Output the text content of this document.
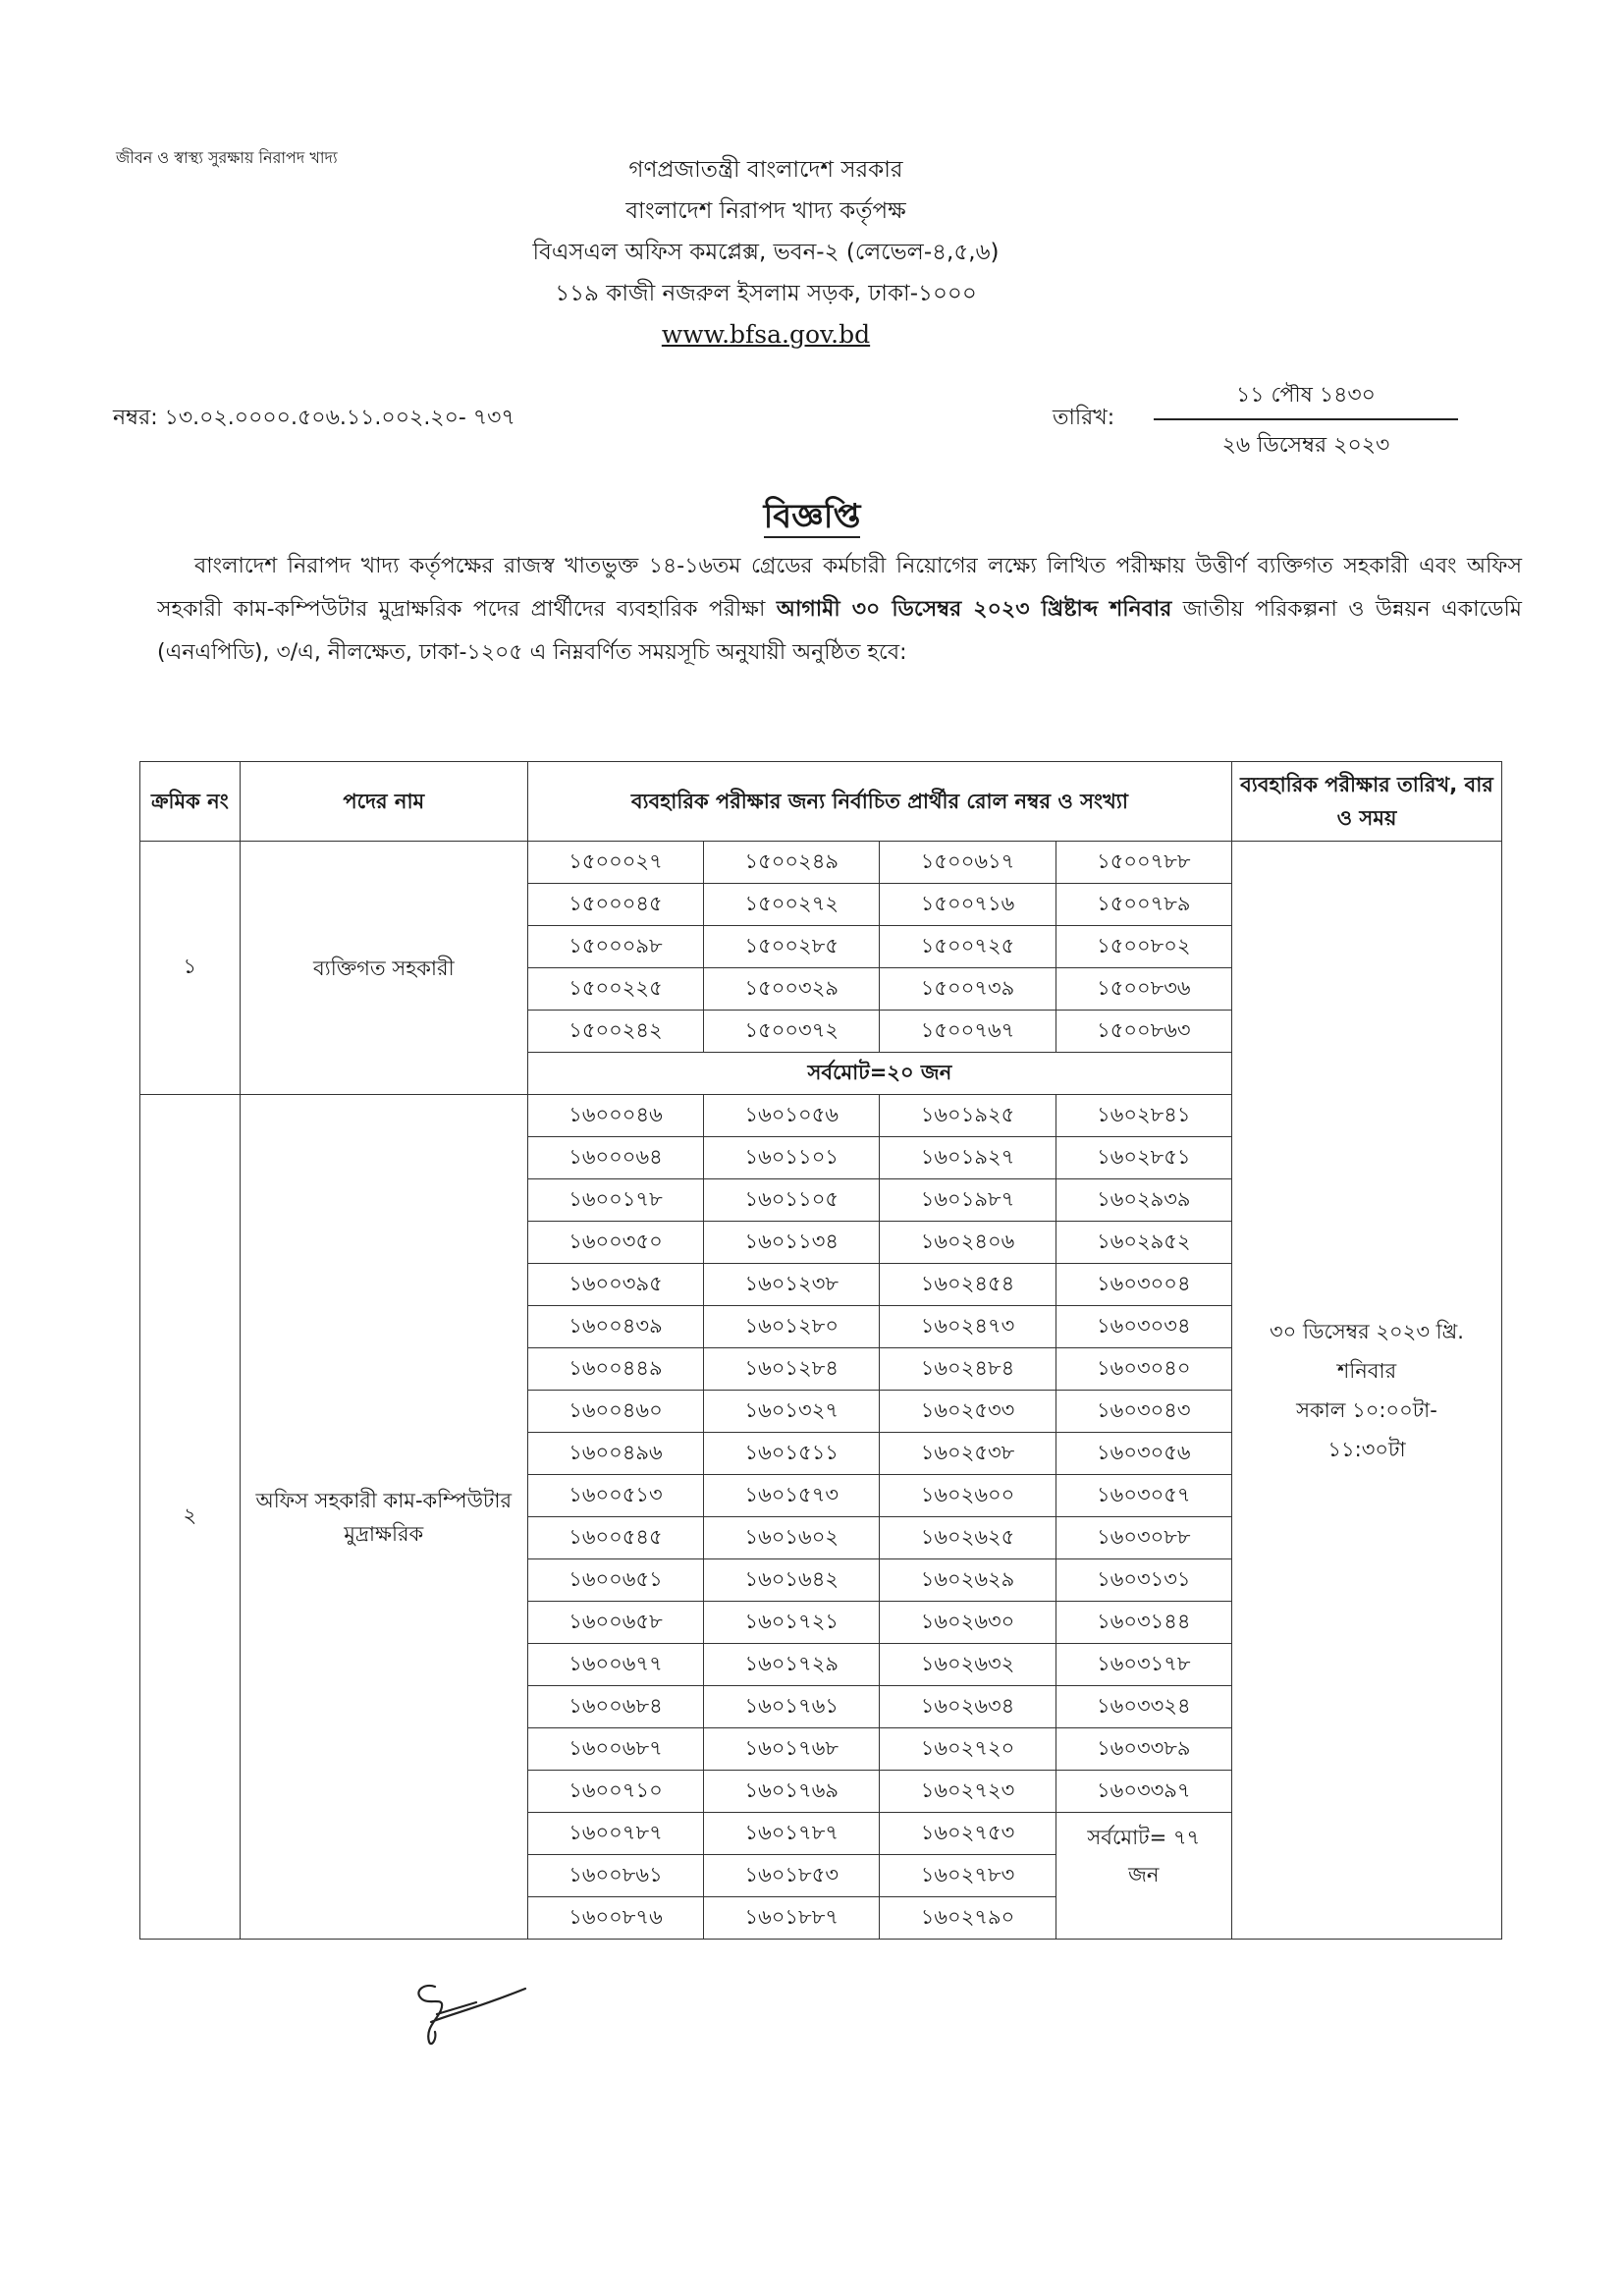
জীবন ও স্বাস্থ্য সুরক্ষায় নিরাপদ খাদ্য	গণপ্রজাতন্ত্রী বাংলাদেশ সরকার
বাংলাদেশ নিরাপদ খাদ্য কর্তৃপক্ষ
বিএসএল অফিস কমপ্লেক্স, ভবন-২ (লেভেল-৪,৫,৬)
১১৯ কাজী নজরুল ইসলাম সড়ক, ঢাকা-১০০০
www.bfsa.gov.bd
নম্বর: ১৩.০২.০০০০.৫০৬.১১.০০২.২০- ৭৩৭	তারিখ:
১১ পৌষ ১৪৩০
২৬ ডিসেম্বর ২০২৩
বিজ্ঞপ্তি
বাংলাদেশ নিরাপদ খাদ্য কর্তৃপক্ষের রাজস্ব খাতভুক্ত ১৪-১৬তম গ্রেডের কর্মচারী নিয়োগের লক্ষ্যে লিখিত পরীক্ষায় উত্তীর্ণ ব্যক্তিগত সহকারী এবং অফিস সহকারী কাম-কম্পিউটার মুদ্রাক্ষরিক পদের প্রার্থীদের ব্যবহারিক পরীক্ষা আগামী ৩০ ডিসেম্বর ২০২৩ খ্রিষ্টাব্দ শনিবার জাতীয় পরিকল্পনা ও উন্নয়ন একাডেমি (এনএপিডি), ৩/এ, নীলক্ষেত, ঢাকা-১২০৫ এ নিম্নবর্ণিত সময়সূচি অনুযায়ী অনুষ্ঠিত হবে:
ক্রমিক নং	পদের নাম	ব্যবহারিক পরীক্ষার জন্য নির্বাচিত প্রার্থীর রোল নম্বর ও সংখ্যা				ব্যবহারিক পরীক্ষার তারিখ, বার ও সময়
১	ব্যক্তিগত সহকারী	১৫০০০২৭	১৫০০২৪৯	১৫০০৬১৭	১৫০০৭৮৮	৩০ ডিসেম্বর ২০২৩ খ্রি.
শনিবার
সকাল ১০:০০টা-
১১:৩০টা

		১৫০০০৪৫	১৫০০২৭২	১৫০০৭১৬	১৫০০৭৮৯	
		১৫০০০৯৮	১৫০০২৮৫	১৫০০৭২৫	১৫০০৮০২	
		১৫০০২২৫	১৫০০৩২৯	১৫০০৭৩৯	১৫০০৮৩৬	
		১৫০০২৪২	১৫০০৩৭২	১৫০০৭৬৭	১৫০০৮৬৩	
		সর্বমোট=২০ জন				
২	অফিস সহকারী কাম-কম্পিউটার মুদ্রাক্ষরিক	১৬০০০৪৬	১৬০১০৫৬	১৬০১৯২৫	১৬০২৮৪১	
		১৬০০০৬৪	১৬০১১০১	১৬০১৯২৭	১৬০২৮৫১	
		১৬০০১৭৮	১৬০১১০৫	১৬০১৯৮৭	১৬০২৯৩৯	
		১৬০০৩৫০	১৬০১১৩৪	১৬০২৪০৬	১৬০২৯৫২	
		১৬০০৩৯৫	১৬০১২৩৮	১৬০২৪৫৪	১৬০৩০০৪	
		১৬০০৪৩৯	১৬০১২৮০	১৬০২৪৭৩	১৬০৩০৩৪	
		১৬০০৪৪৯	১৬০১২৮৪	১৬০২৪৮৪	১৬০৩০৪০	
		১৬০০৪৬০	১৬০১৩২৭	১৬০২৫৩৩	১৬০৩০৪৩	
		১৬০০৪৯৬	১৬০১৫১১	১৬০২৫৩৮	১৬০৩০৫৬	
		১৬০০৫১৩	১৬০১৫৭৩	১৬০২৬০০	১৬০৩০৫৭	
		১৬০০৫৪৫	১৬০১৬০২	১৬০২৬২৫	১৬০৩০৮৮	
		১৬০০৬৫১	১৬০১৬৪২	১৬০২৬২৯	১৬০৩১৩১	
		১৬০০৬৫৮	১৬০১৭২১	১৬০২৬৩০	১৬০৩১৪৪	
		১৬০০৬৭৭	১৬০১৭২৯	১৬০২৬৩২	১৬০৩১৭৮	
		১৬০০৬৮৪	১৬০১৭৬১	১৬০২৬৩৪	১৬০৩৩২৪	
		১৬০০৬৮৭	১৬০১৭৬৮	১৬০২৭২০	১৬০৩৩৮৯	
		১৬০০৭১০	১৬০১৭৬৯	১৬০২৭২৩	১৬০৩৩৯৭	
		১৬০০৭৮৭	১৬০১৭৮৭	১৬০২৭৫৩	সর্বমোট= ৭৭
জন	

		১৬০০৮৬১	১৬০১৮৫৩	১৬০২৭৮৩		
		১৬০০৮৭৬	১৬০১৮৮৭	১৬০২৭৯০		
